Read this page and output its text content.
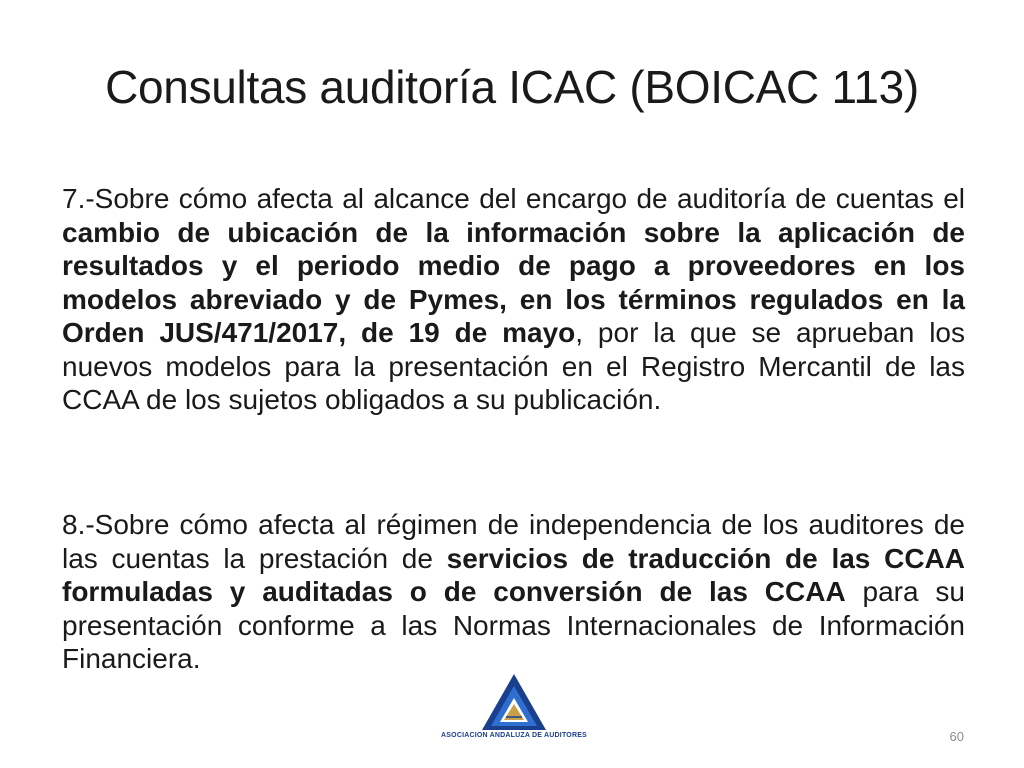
Consultas auditoría ICAC (BOICAC 113)

7.-Sobre cómo afecta al alcance del encargo de auditoría de cuentas el cambio de ubicación de la información sobre la aplicación de resultados y el periodo medio de pago a proveedores en los modelos abreviado y de Pymes, en los términos regulados en la Orden JUS/471/2017, de 19 de mayo, por la que se aprueban los nuevos modelos para la presentación en el Registro Mercantil de las CCAA de los sujetos obligados a su publicación.

8.-Sobre cómo afecta al régimen de independencia de los auditores de las cuentas la prestación de servicios de traducción de las CCAA formuladas y auditadas o de conversión de las CCAA para su presentación conforme a las Normas Internacionales de Información Financiera.

ASOCIACION ANDALUZA DE AUDITORES	60
